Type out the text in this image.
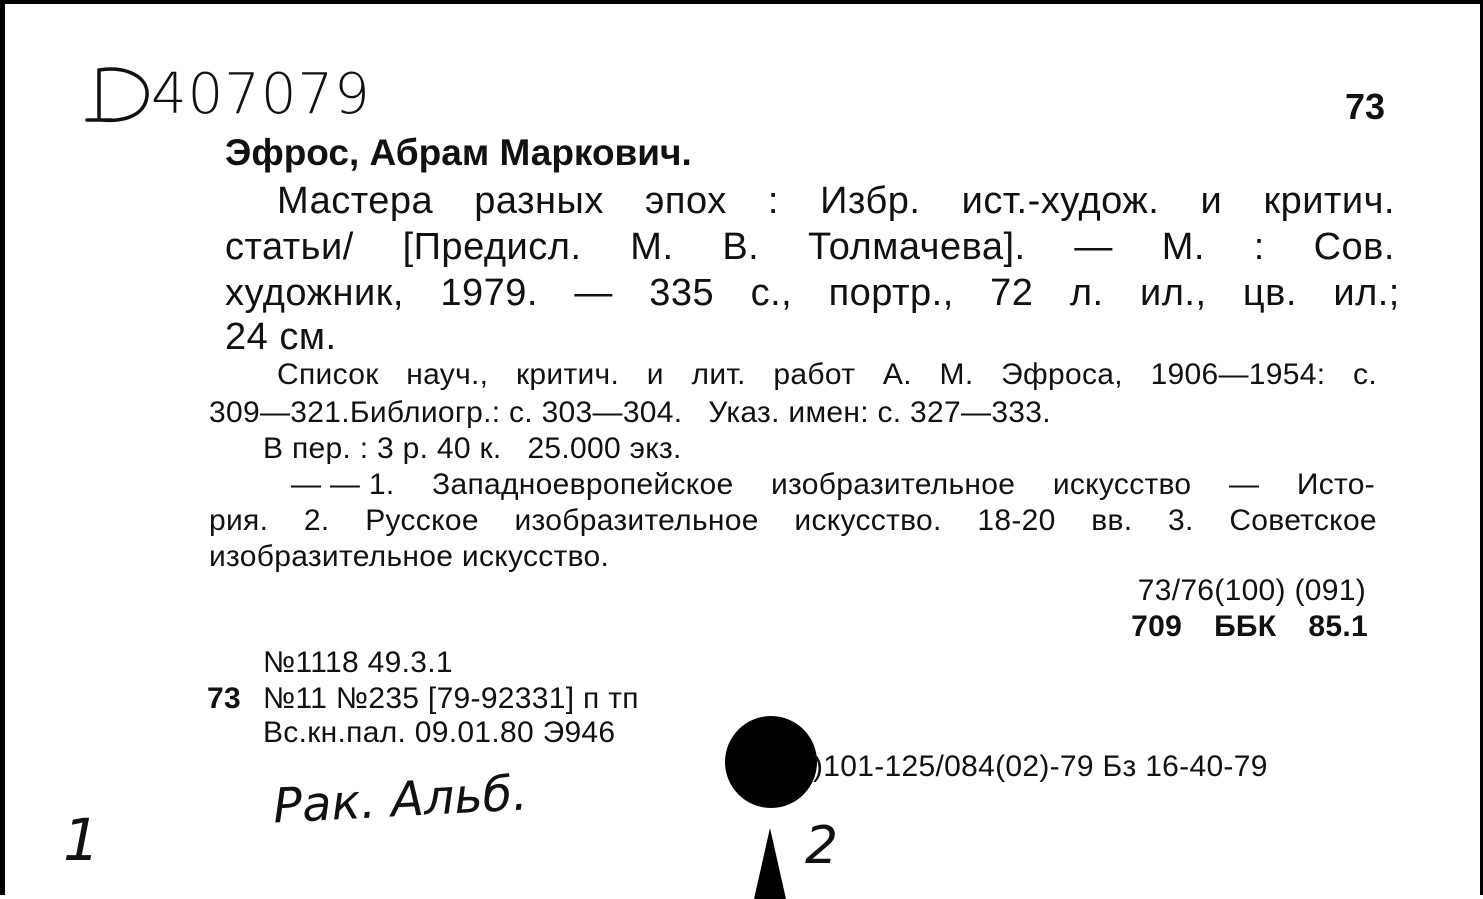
407079	73
Эфрос, Абрам Маркович.
Мастера разных эпох : Избр. ист.-худож. и критич.
статьи/ [Предисл. М. В. Толмачева]. — М. : Сов.
художник, 1979. — 335 с., портр., 72 л. ил., цв. ил.;
24 см.
Список науч., критич. и лит. работ А. М. Эфроса, 1906—1954: с.
309—321.Библиогр.: с. 303—304.   Указ. имен: с. 327—333.
В пер. : 3 р. 40 к.   25.000 экз.
— — 1. Западноевропейское изобразительное искусство — Исто-
рия. 2. Русское изобразительное искусство. 18-20 вв. 3. Советское
изобразительное искусство.
73/76(100) (091)
709 ББК 85.1
№1118 49.3.1
73 №11 №235 [79-92331] п тп
Вс.кн.пал. 09.01.80 Э946
)101-125/084(02)-79 Бз 16-40-79
Рак. Альб.
1	2
